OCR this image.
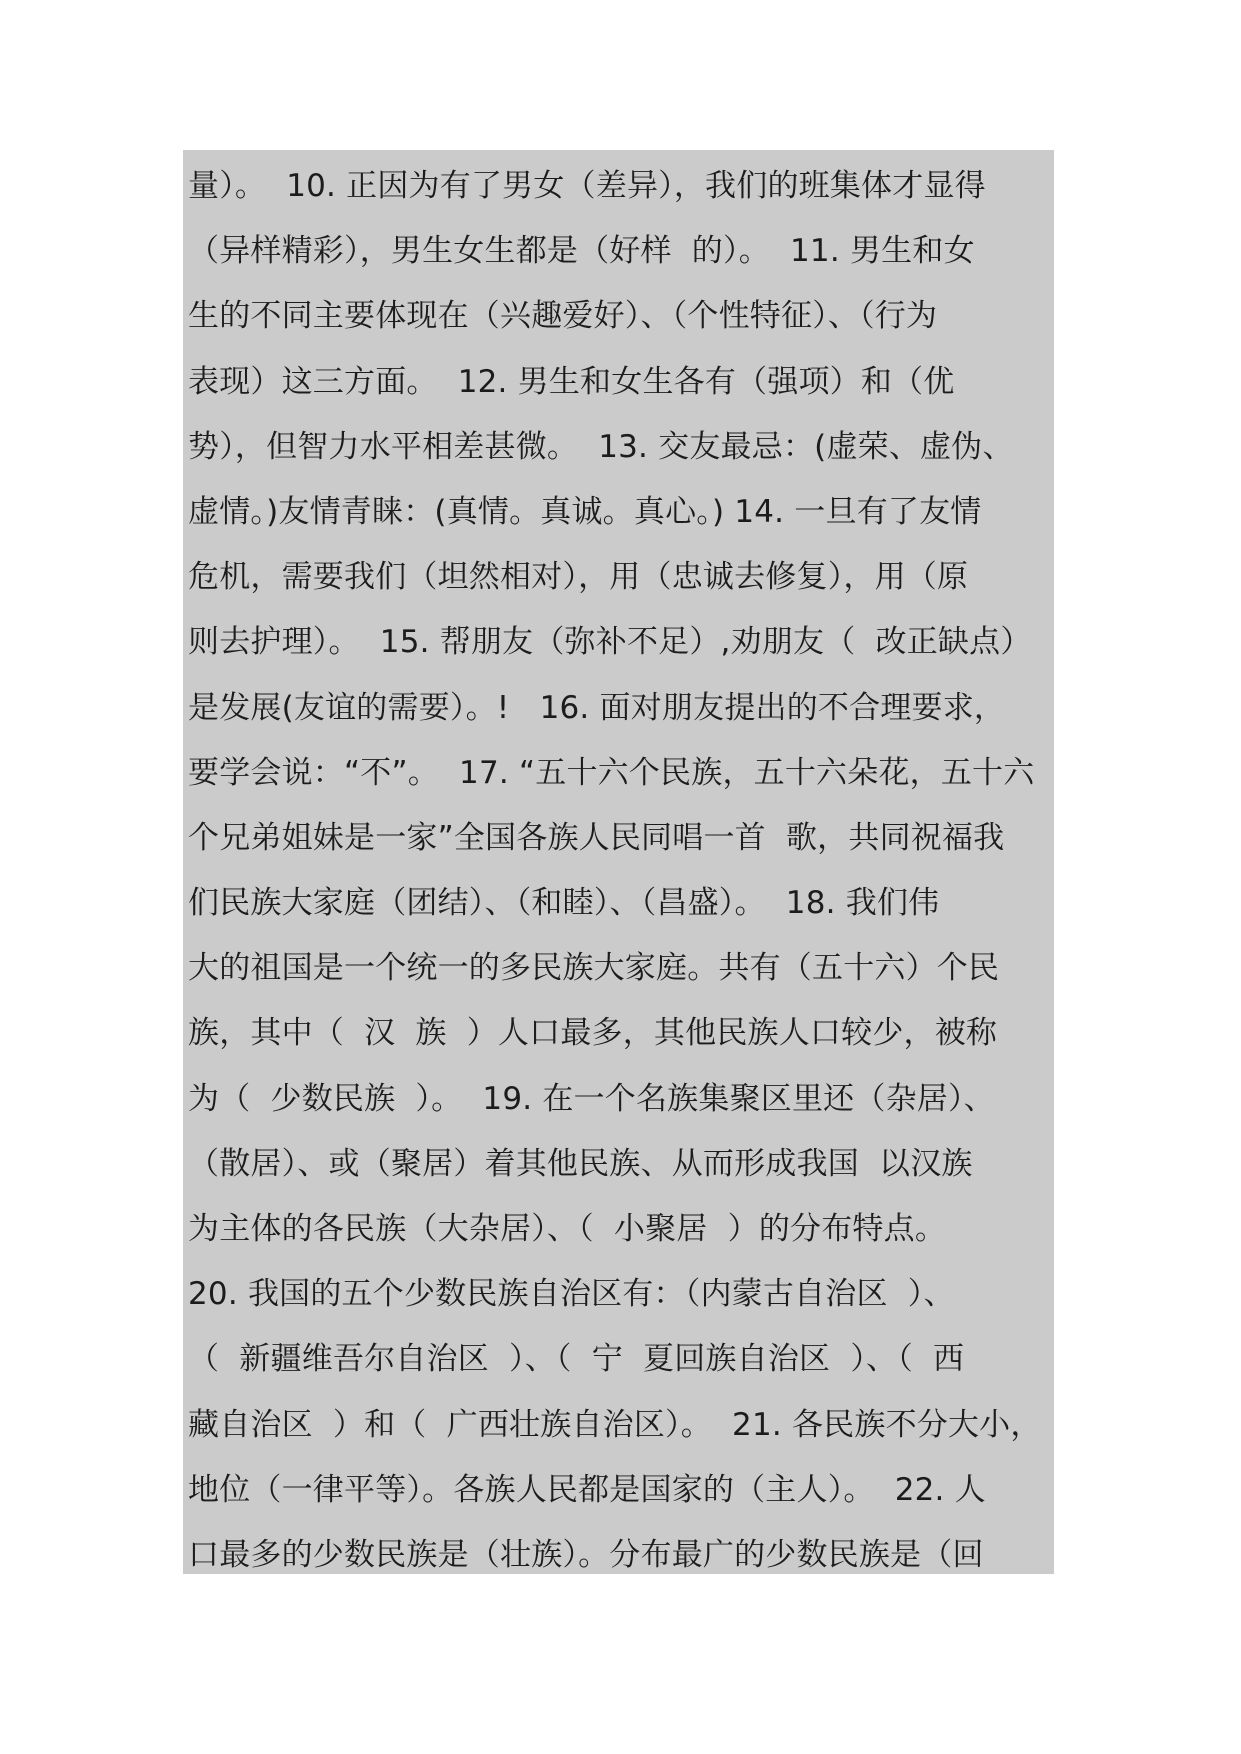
量）。  10. 正因为有了男女（差异），我们的班集体才显得
（异样精彩），男生女生都是（好样  的）。  11. 男生和女
生的不同主要体现在（兴趣爱好）、（个性特征）、（行为
表现）这三方面。  12. 男生和女生各有（强项）和（优
势），但智力水平相差甚微。  13. 交友最忌：(虚荣、虚伪、
虚情。)友情青睐：(真情。真诚。真心。) 14. 一旦有了友情
危机，需要我们（坦然相对），用（忠诚去修复），用（原
则去护理）。  15. 帮朋友（弥补不足）,劝朋友（  改正缺点）
是发展(友谊的需要）。!   16. 面对朋友提出的不合理要求，
要学会说：“不”。  17. “五十六个民族，五十六朵花，五十六
个兄弟姐妹是一家”全国各族人民同唱一首  歌，共同祝福我
们民族大家庭（团结）、（和睦）、（昌盛）。  18. 我们伟
大的祖国是一个统一的多民族大家庭。共有（五十六）个民
族，其中（  汉  族  ）人口最多，其他民族人口较少，被称
为（  少数民族  ）。  19. 在一个名族集聚区里还（杂居）、
（散居）、或（聚居）着其他民族、从而形成我国  以汉族
为主体的各民族（大杂居）、（  小聚居  ）的分布特点。
20. 我国的五个少数民族自治区有：（内蒙古自治区  ）、
（  新疆维吾尔自治区  ）、（  宁  夏回族自治区  ）、（  西
藏自治区  ）和（  广西壮族自治区）。  21. 各民族不分大小，
地位（一律平等）。各族人民都是国家的（主人）。  22. 人
口最多的少数民族是（壮族）。分布最广的少数民族是（回
